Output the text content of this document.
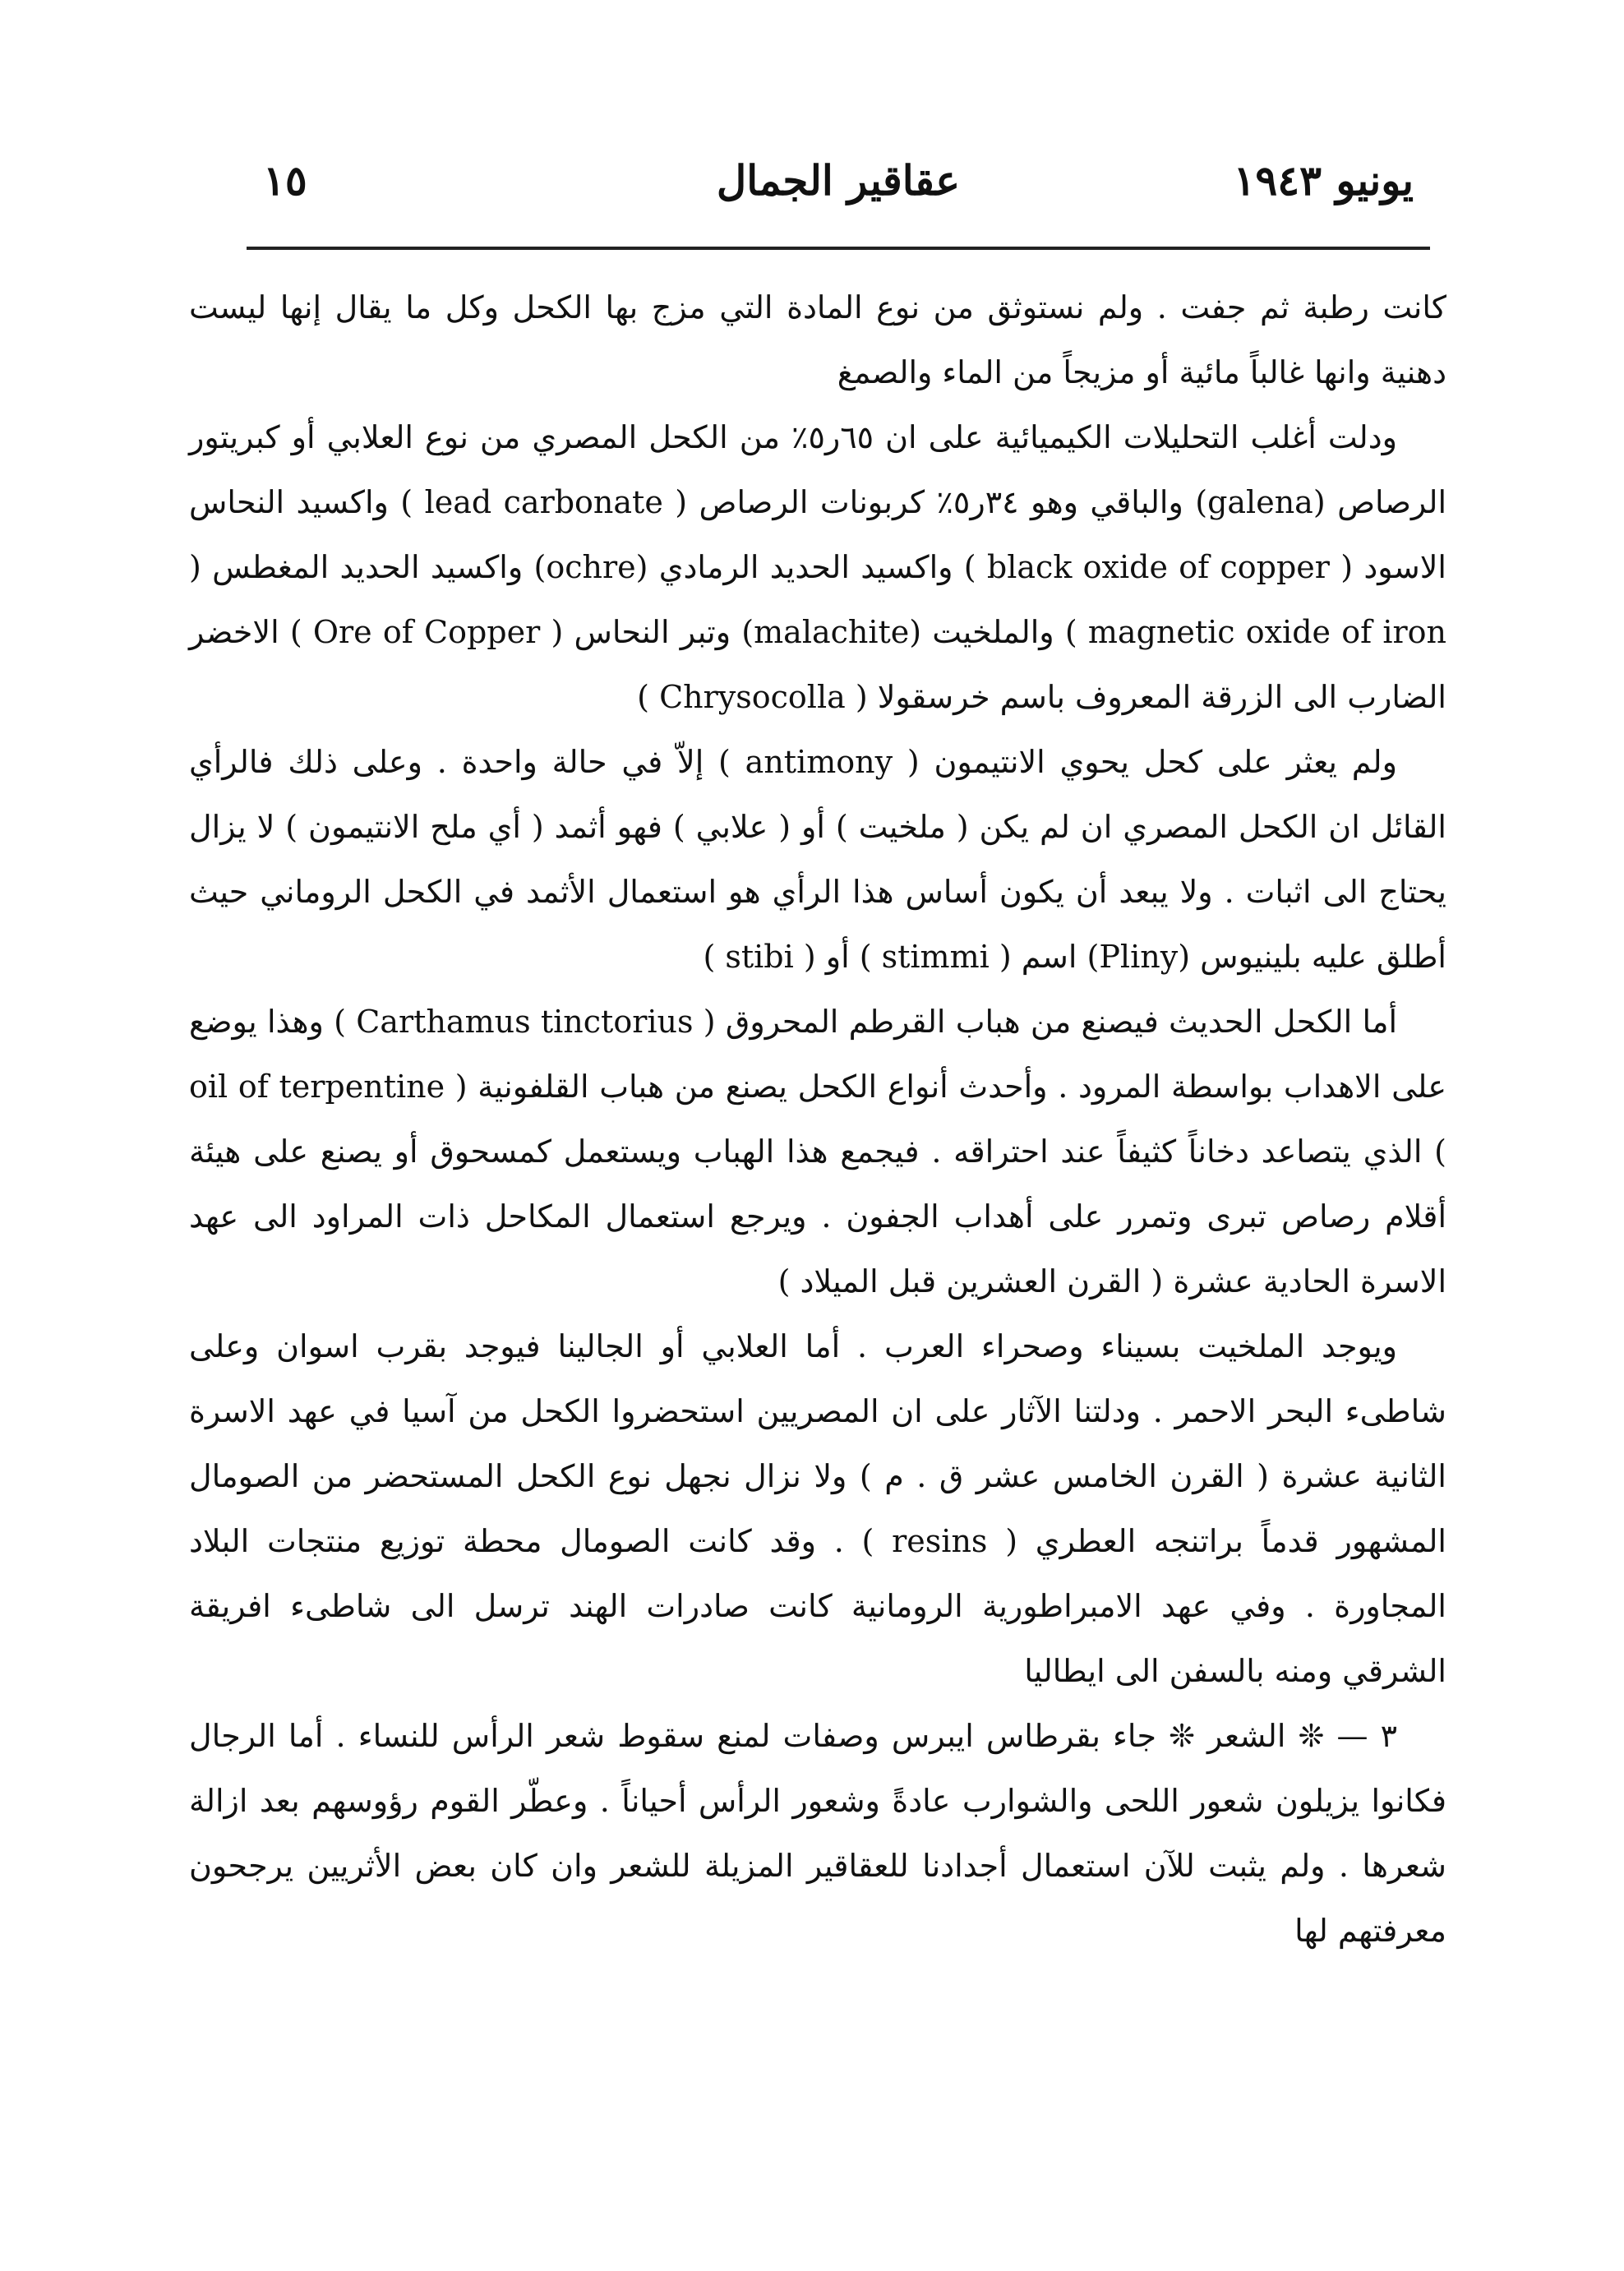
يونيو ١٩٤٣
عقاقير الجمال
١٥

كانت رطبة ثم جفت . ولم نستوثق من نوع المادة التي مزج بها الكحل وكل ما يقال إنها ليست دهنية وانها غالباً مائية أو مزيجاً من الماء والصمغ

ودلت أغلب التحليلات الكيميائية على ان ٦٥ر٥٪ من الكحل المصري من نوع العلابي أو كبريتور الرصاص (galena) والباقي وهو ٣٤ر٥٪ كربونات الرصاص ( lead carbonate ) واكسيد النحاس الاسود ( black oxide of copper ) واكسيد الحديد الرمادي (ochre) واكسيد الحديد المغطس ( magnetic oxide of iron ) والملخيت (malachite) وتبر النحاس ( Ore of Copper ) الاخضر الضارب الى الزرقة المعروف باسم خرسقولا ( Chrysocolla )

ولم يعثر على كحل يحوي الانتيمون ( antimony ) إلاّ في حالة واحدة . وعلى ذلك فالرأي القائل ان الكحل المصري ان لم يكن ( ملخيت ) أو ( علابي ) فهو أثمد ( أي ملح الانتيمون ) لا يزال يحتاج الى اثبات . ولا يبعد أن يكون أساس هذا الرأي هو استعمال الأثمد في الكحل الروماني حيث أطلق عليه بلينيوس (Pliny) اسم ( stimmi ) أو ( stibi )

أما الكحل الحديث فيصنع من هباب القرطم المحروق ( Carthamus tinctorius ) وهذا يوضع على الاهداب بواسطة المرود . وأحدث أنواع الكحل يصنع من هباب القلفونية ( oil of terpentine ) الذي يتصاعد دخاناً كثيفاً عند احتراقه . فيجمع هذا الهباب ويستعمل كمسحوق أو يصنع على هيئة أقلام رصاص تبرى وتمرر على أهداب الجفون . ويرجع استعمال المكاحل ذات المراود الى عهد الاسرة الحادية عشرة ( القرن العشرين قبل الميلاد )

ويوجد الملخيت بسيناء وصحراء العرب . أما العلابي أو الجالينا فيوجد بقرب اسوان وعلى شاطىء البحر الاحمر . ودلتنا الآثار على ان المصريين استحضروا الكحل من آسيا في عهد الاسرة الثانية عشرة ( القرن الخامس عشر ق . م ) ولا نزال نجهل نوع الكحل المستحضر من الصومال المشهور قدماً براتنجه العطري ( resins ) . وقد كانت الصومال محطة توزيع منتجات البلاد المجاورة . وفي عهد الامبراطورية الرومانية كانت صادرات الهند ترسل الى شاطىء افريقة الشرقي ومنه بالسفن الى ايطاليا

٣ — ❊ الشعر ❊ جاء بقرطاس ايبرس وصفات لمنع سقوط شعر الرأس للنساء . أما الرجال فكانوا يزيلون شعور اللحى والشوارب عادةً وشعور الرأس أحياناً . وعطّر القوم رؤوسهم بعد ازالة شعرها . ولم يثبت للآن استعمال أجدادنا للعقاقير المزيلة للشعر وان كان بعض الأثريين يرجحون معرفتهم لها
